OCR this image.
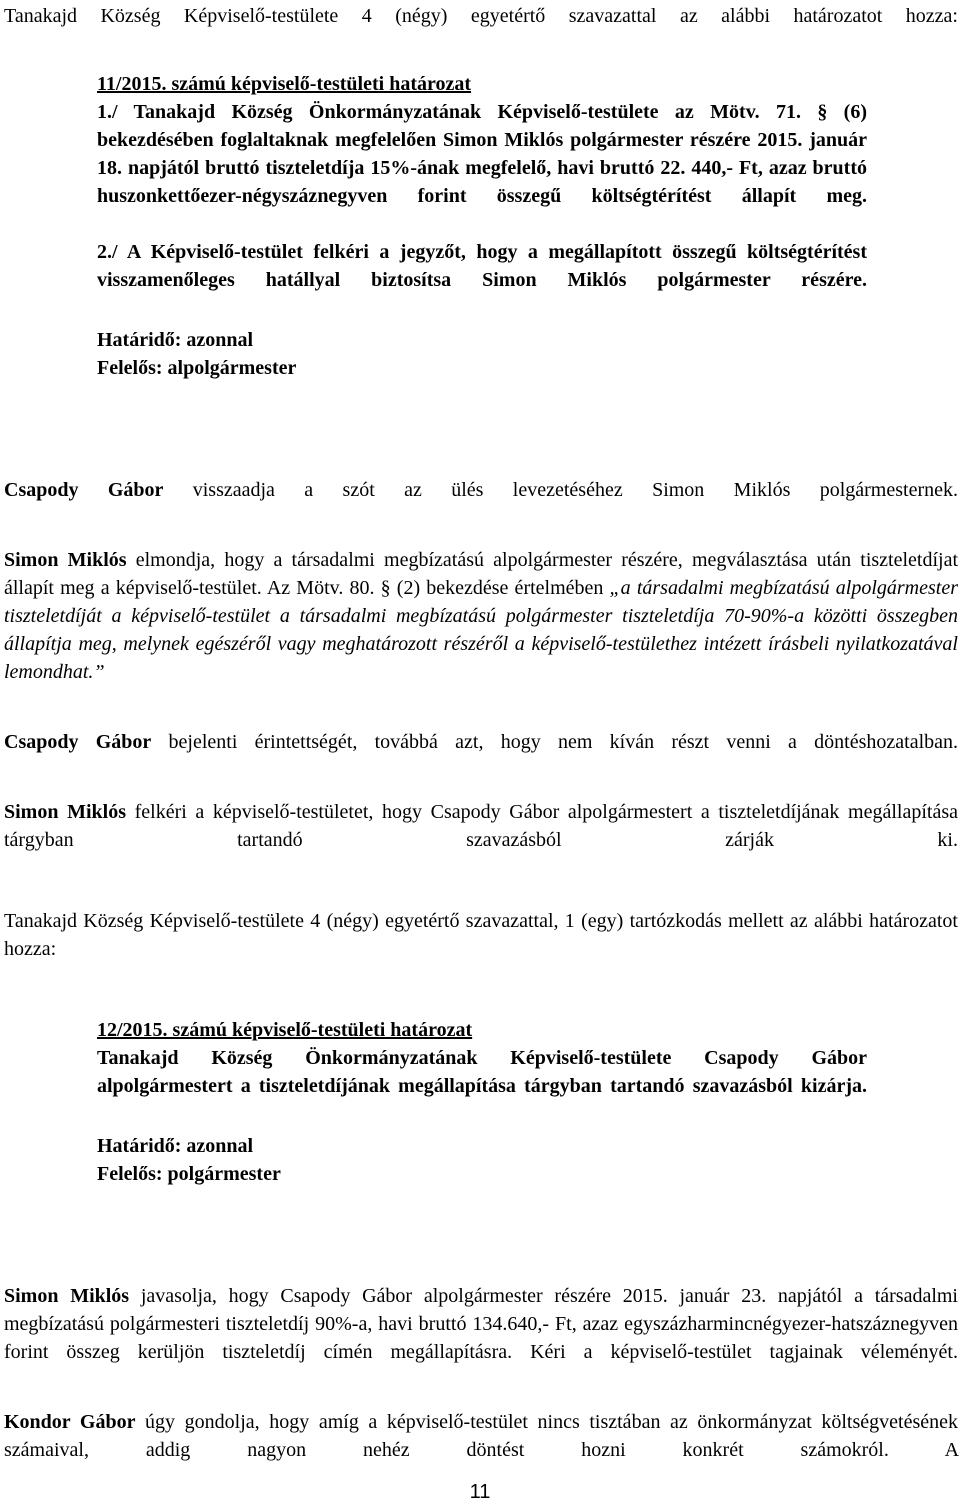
Tanakajd Község Képviselő-testülete 4 (négy) egyetértő szavazattal az alábbi határozatot hozza:

11/2015. számú képviselő-testületi határozat

1./ Tanakajd Község Önkormányzatának Képviselő-testülete az Mötv. 71. § (6) bekezdésében foglaltaknak megfelelően Simon Miklós polgármester részére 2015. január 18. napjától bruttó tiszteletdíja 15%-ának megfelelő, havi bruttó 22. 440,- Ft, azaz bruttó huszonkettőezer-négyszáznegyven forint összegű költségtérítést állapít meg.

2./ A Képviselő-testület felkéri a jegyzőt, hogy a megállapított összegű költségtérítést visszamenőleges hatállyal biztosítsa Simon Miklós polgármester részére.

Határidő: azonnal
Felelős: alpolgármester

Csapody Gábor visszaadja a szót az ülés levezetéséhez Simon Miklós polgármesternek.

Simon Miklós elmondja, hogy a társadalmi megbízatású alpolgármester részére, megválasztása után tiszteletdíjat állapít meg a képviselő-testület. Az Mötv. 80. § (2) bekezdése értelmében „a társadalmi megbízatású alpolgármester tiszteletdíját a képviselő-testület a társadalmi megbízatású polgármester tiszteletdíja 70-90%-a közötti összegben állapítja meg, melynek egészéről vagy meghatározott részéről a képviselő-testülethez intézett írásbeli nyilatkozatával lemondhat.”

Csapody Gábor bejelenti érintettségét, továbbá azt, hogy nem kíván részt venni a döntéshozatalban.

Simon Miklós felkéri a képviselő-testületet, hogy Csapody Gábor alpolgármestert a tiszteletdíjának megállapítása tárgyban tartandó szavazásból zárják ki.

Tanakajd Község Képviselő-testülete 4 (négy) egyetértő szavazattal, 1 (egy) tartózkodás mellett az alábbi határozatot hozza:

12/2015. számú képviselő-testületi határozat

Tanakajd Község Önkormányzatának Képviselő-testülete Csapody Gábor alpolgármestert a tiszteletdíjának megállapítása tárgyban tartandó szavazásból kizárja.

Határidő: azonnal
Felelős: polgármester

Simon Miklós javasolja, hogy Csapody Gábor alpolgármester részére 2015. január 23. napjától a társadalmi megbízatású polgármesteri tiszteletdíj 90%-a, havi bruttó 134.640,- Ft, azaz egyszázharmincnégyezer-hatszáznegyven forint összeg kerüljön tiszteletdíj címén megállapításra. Kéri a képviselő-testület tagjainak véleményét.

Kondor Gábor úgy gondolja, hogy amíg a képviselő-testület nincs tisztában az önkormányzat költségvetésének számaival, addig nagyon nehéz döntést hozni konkrét számokról. A

11
